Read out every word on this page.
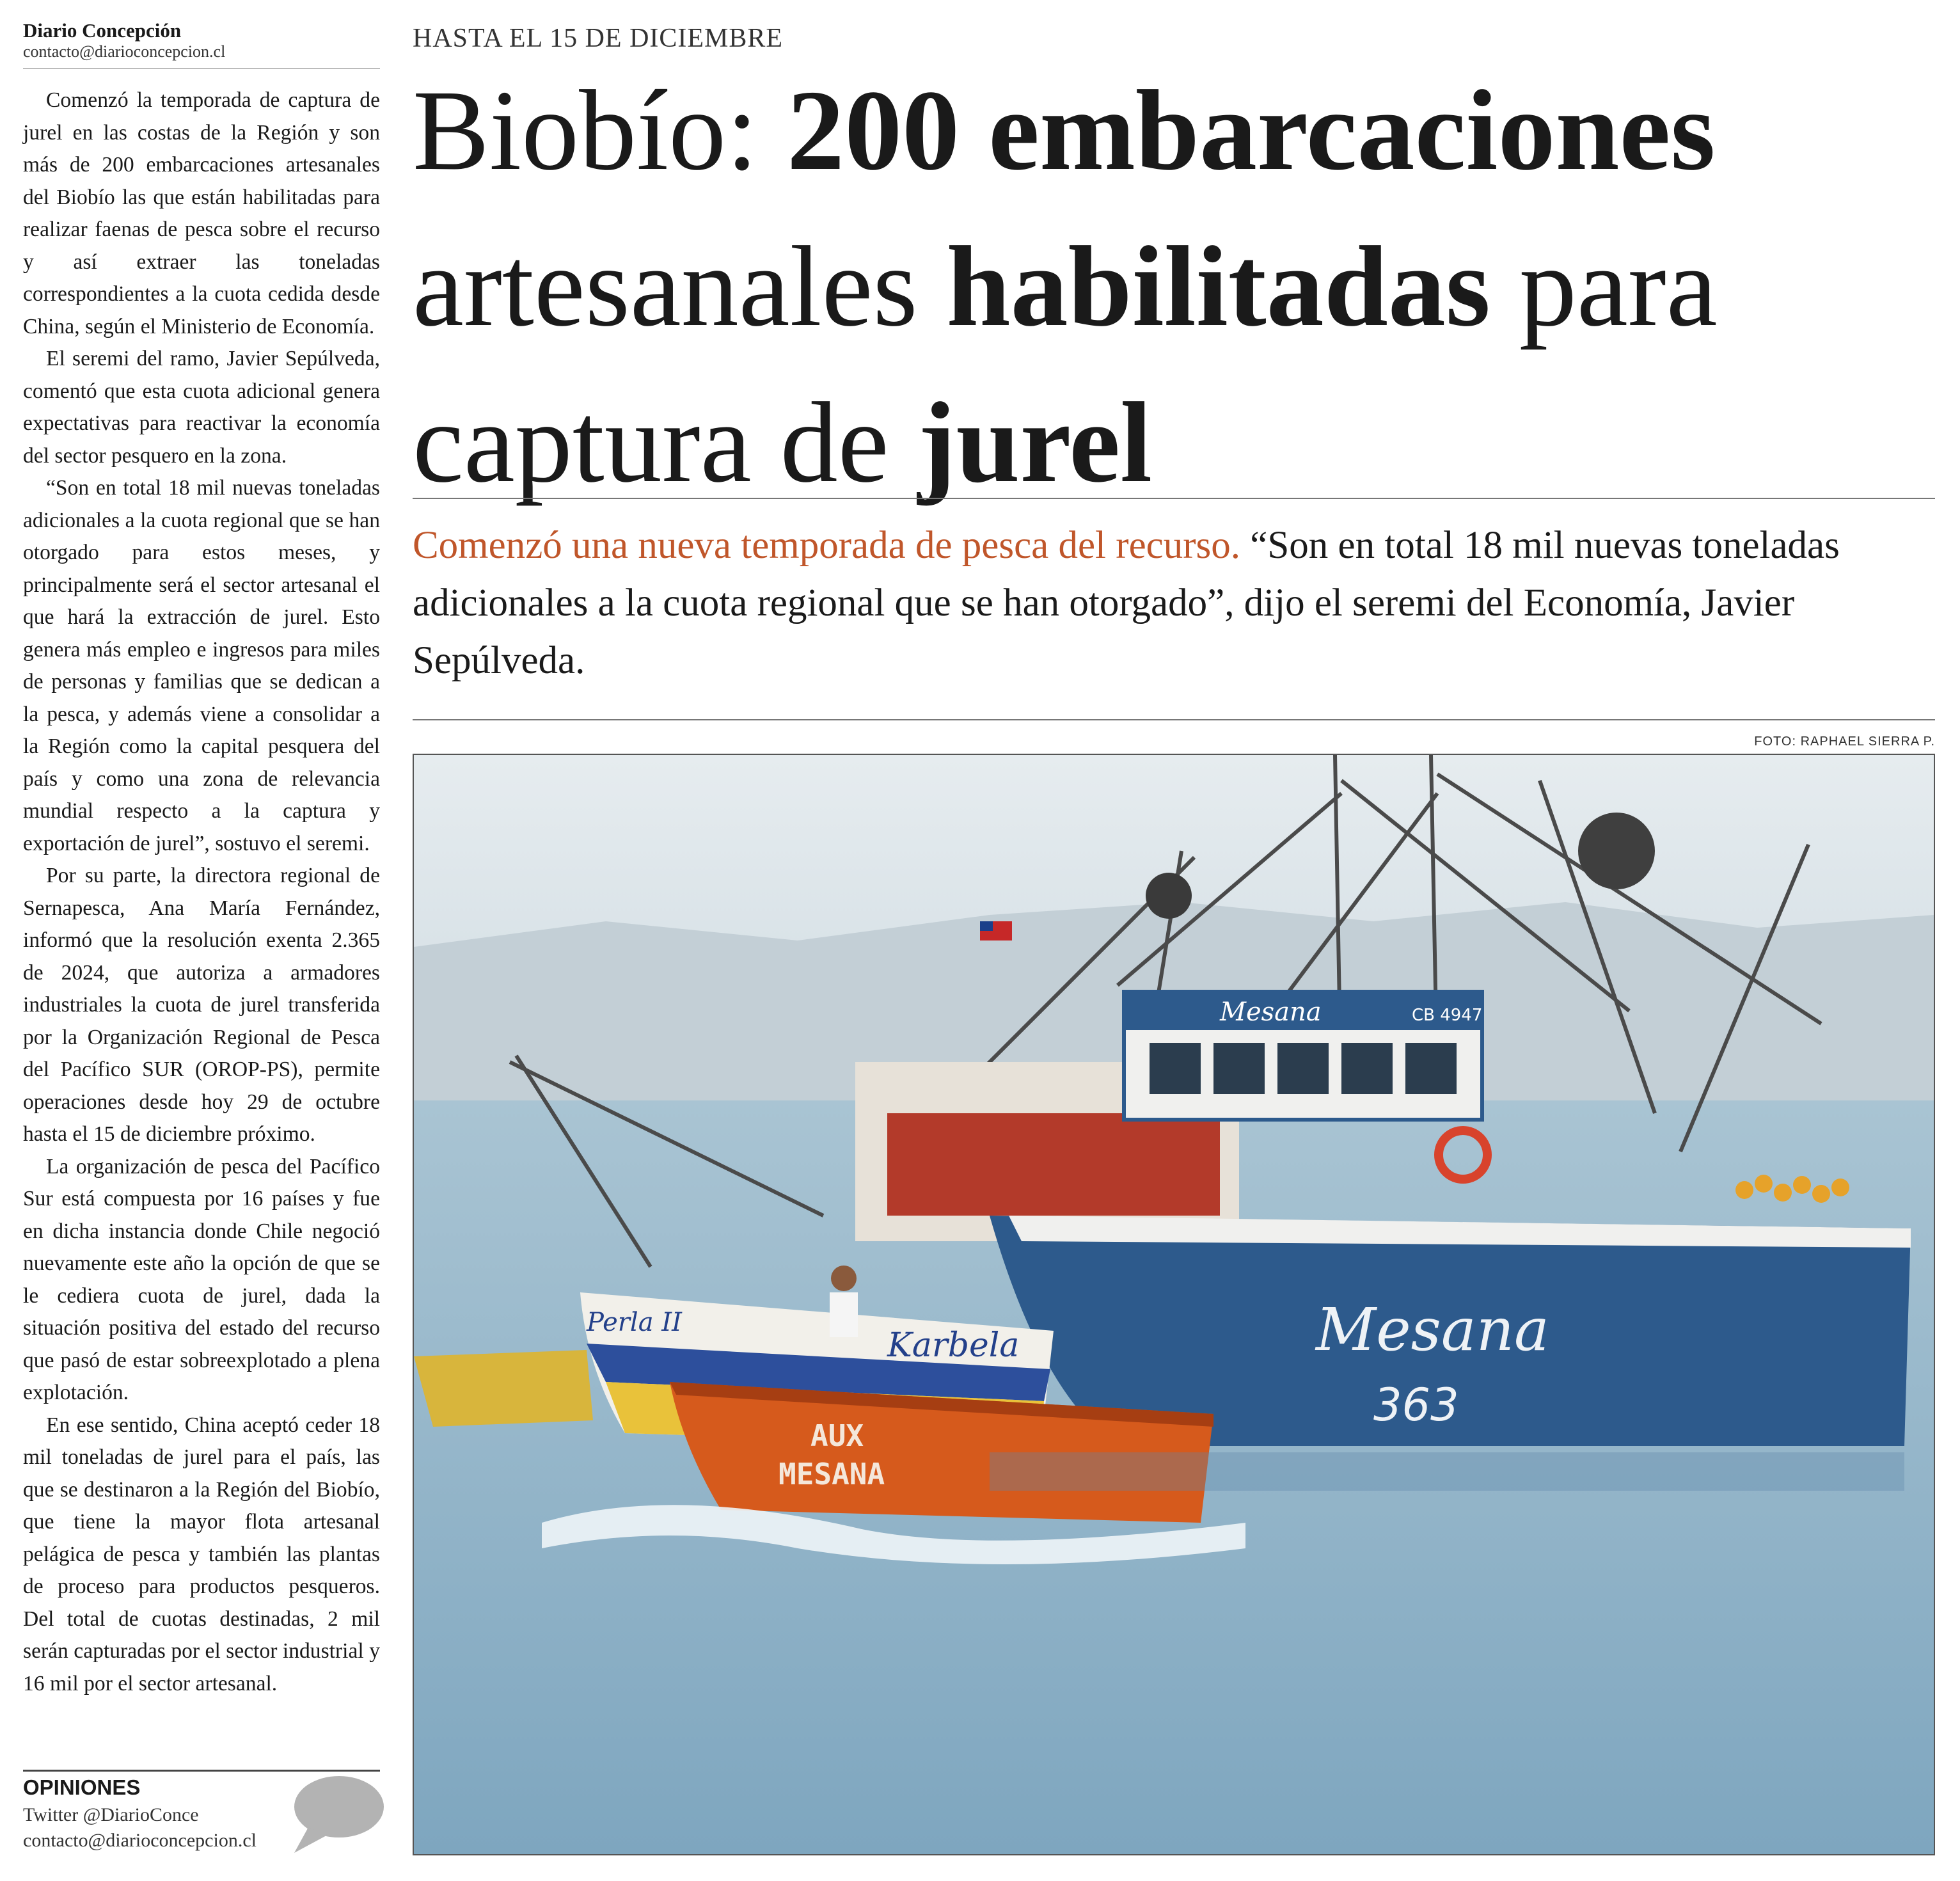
Diario Concepción
contacto@diarioconcepcion.cl

Comenzó la temporada de captura de jurel en las costas de la Región y son más de 200 embarcaciones artesanales del Biobío las que están habilitadas para realizar faenas de pesca sobre el recurso y así extraer las toneladas correspondientes a la cuota cedida desde China, según el Ministerio de Economía.

El seremi del ramo, Javier Sepúlveda, comentó que esta cuota adicional genera expectativas para reactivar la economía del sector pesquero en la zona.

“Son en total 18 mil nuevas toneladas adicionales a la cuota regional que se han otorgado para estos meses, y principalmente será el sector artesanal el que hará la extracción de jurel. Esto genera más empleo e ingresos para miles de personas y familias que se dedican a la pesca, y además viene a consolidar a la Región como la capital pesquera del país y como una zona de relevancia mundial respecto a la captura y exportación de jurel”, sostuvo el seremi.

Por su parte, la directora regional de Sernapesca, Ana María Fernández, informó que la resolución exenta 2.365 de 2024, que autoriza a armadores industriales la cuota de jurel transferida por la Organización Regional de Pesca del Pacífico SUR (OROP-PS), permite operaciones desde hoy 29 de octubre hasta el 15 de diciembre próximo.

La organización de pesca del Pacífico Sur está compuesta por 16 países y fue en dicha instancia donde Chile negoció nuevamente este año la opción de que se le cediera cuota de jurel, dada la situación positiva del estado del recurso que pasó de estar sobreexplotado a plena explotación.

En ese sentido, China aceptó ceder 18 mil toneladas de jurel para el país, las que se destinaron a la Región del Biobío, que tiene la mayor flota artesanal pelágica de pesca y también las plantas de proceso para productos pesqueros. Del total de cuotas destinadas, 2 mil serán capturadas por el sector industrial y 16 mil por el sector artesanal.

OPINIONES
Twitter @DiarioConce
contacto@diarioconcepcion.cl
HASTA EL 15 DE DICIEMBRE
Biobío: 200 embarcaciones
artesanales habilitadas para
captura de jurel
Comenzó una nueva temporada de pesca del recurso. “Son en total 18 mil nuevas toneladas adicionales a la cuota regional que se han otorgado”, dijo el seremi del Economía, Javier Sepúlveda.
FOTO: RAPHAEL SIERRA P.
Mesana	CB 4947
Mesana
363
Karbela
Perla II
AUX
MESANA
